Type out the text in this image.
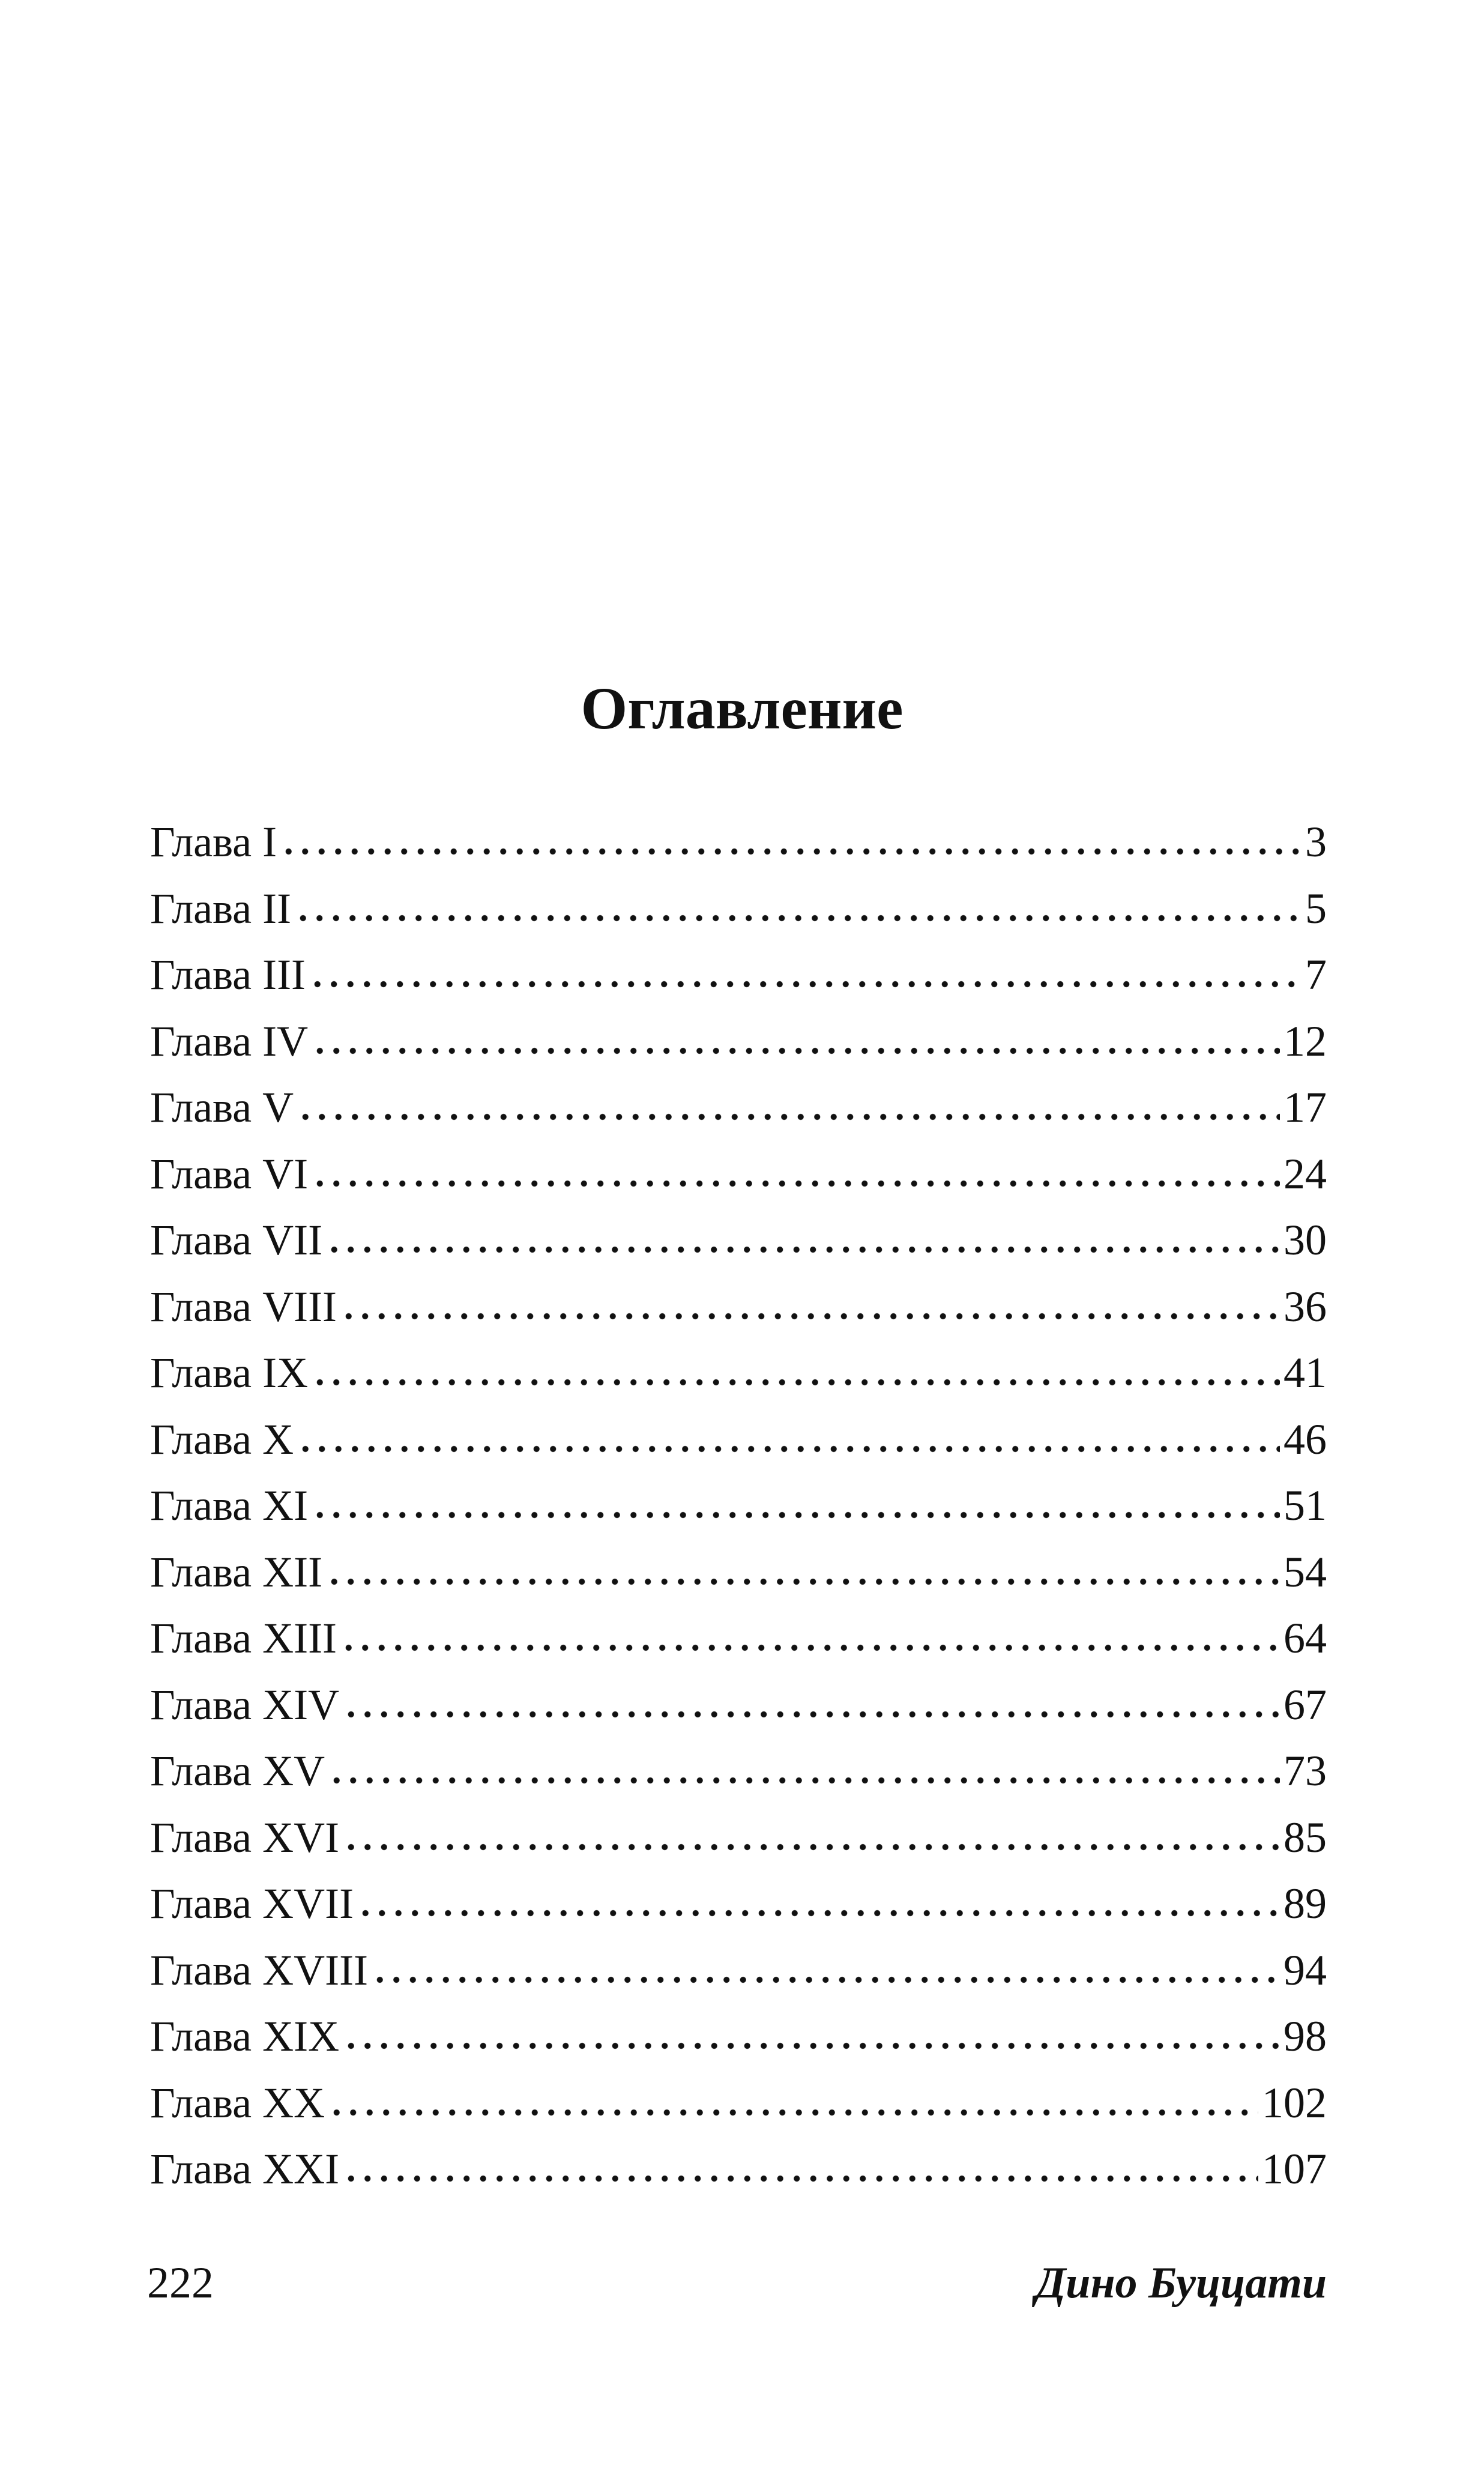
Оглавление
Глава I	3
Глава II	5
Глава III	7
Глава IV	12
Глава V	17
Глава VI	24
Глава VII	30
Глава VIII	36
Глава IX	41
Глава X	46
Глава XI	51
Глава XII	54
Глава XIII	64
Глава XIV	67
Глава XV	73
Глава XVI	85
Глава XVII	89
Глава XVIII	94
Глава XIX	98
Глава XX	102
Глава XXI	107
222	Дино Буццати
